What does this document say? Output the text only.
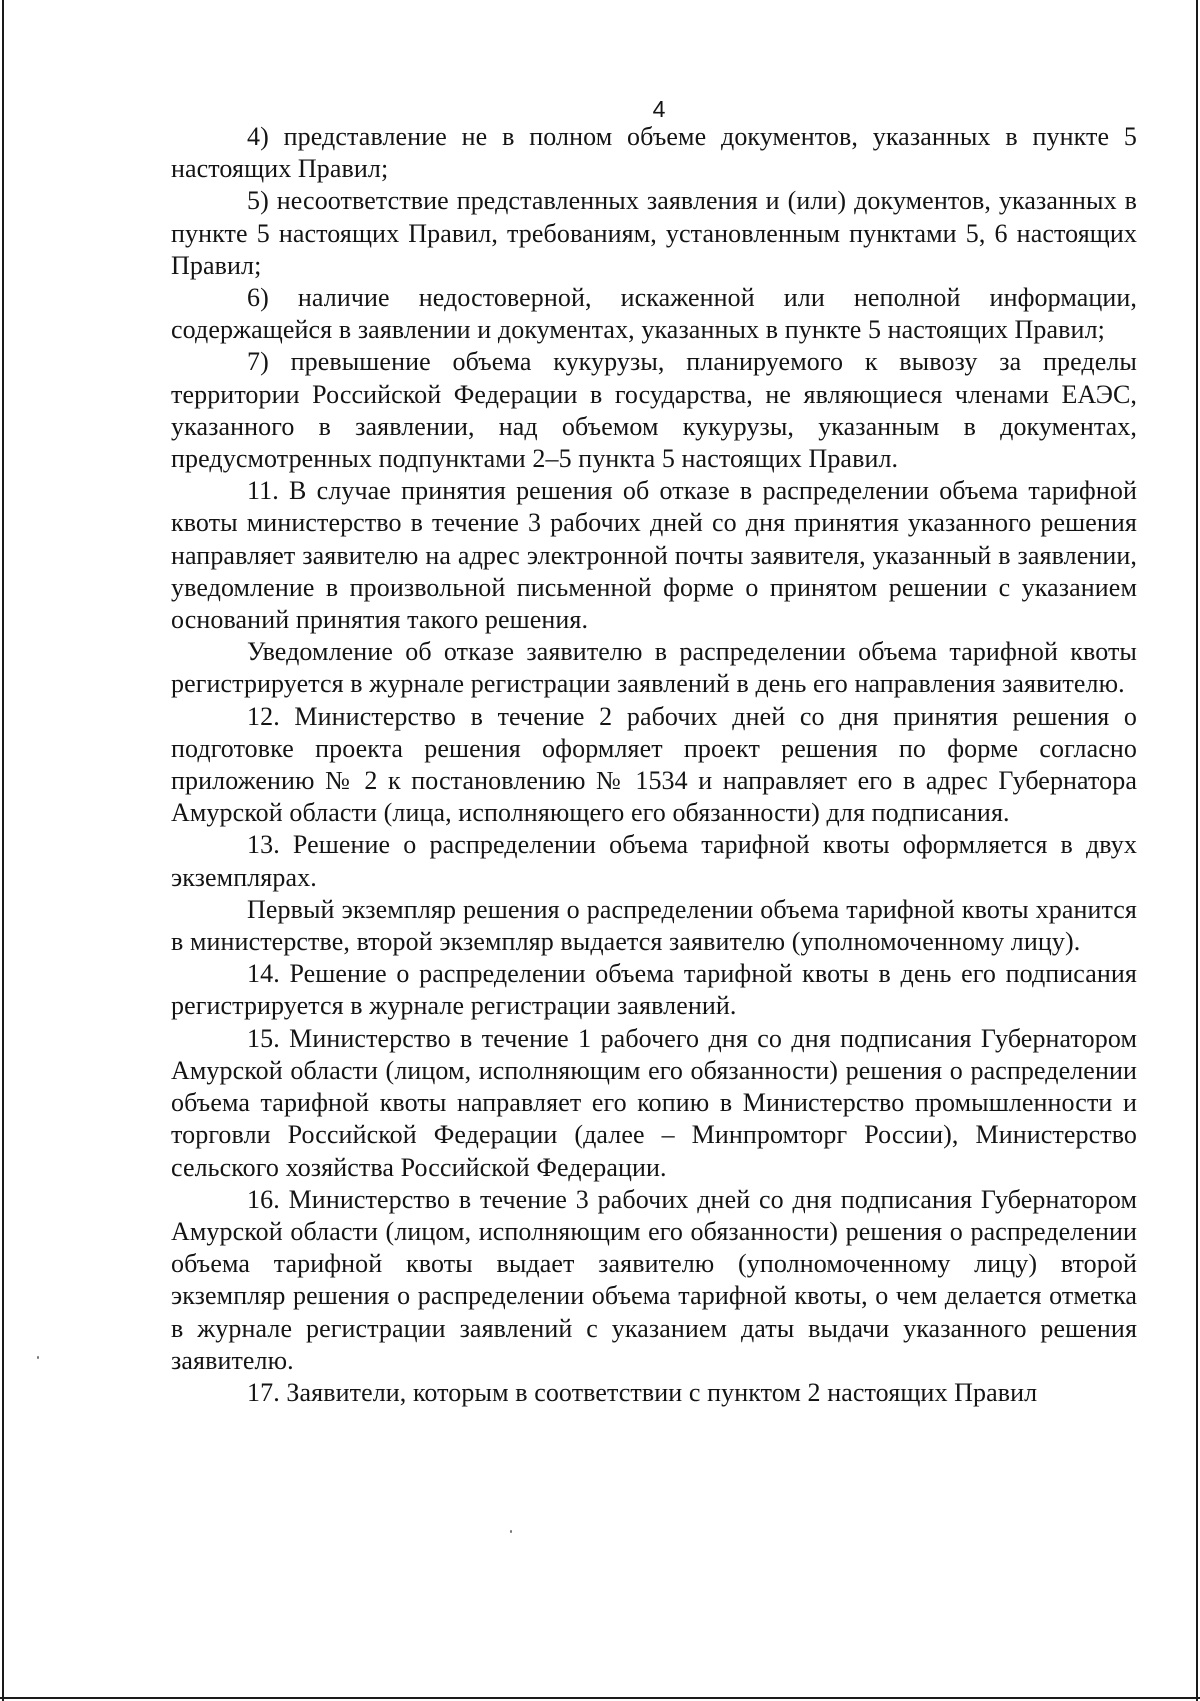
4

4) представление не в полном объеме документов, указанных в пункте 5 настоящих Правил;

5) несоответствие представленных заявления и (или) документов, указанных в пункте 5 настоящих Правил, требованиям, установленным пунктами 5, 6 настоящих Правил;

6) наличие недостоверной, искаженной или неполной информации, содержащейся в заявлении и документах, указанных в пункте 5 настоящих Правил;

7) превышение объема кукурузы, планируемого к вывозу за пределы территории Российской Федерации в государства, не являющиеся членами ЕАЭС, указанного в заявлении, над объемом кукурузы, указанным в документах, предусмотренных подпунктами 2–5 пункта 5 настоящих Правил.

11. В случае принятия решения об отказе в распределении объема тарифной квоты министерство в течение 3 рабочих дней со дня принятия указанного решения направляет заявителю на адрес электронной почты заявителя, указанный в заявлении, уведомление в произвольной письменной форме о принятом решении с указанием оснований принятия такого решения.

Уведомление об отказе заявителю в распределении объема тарифной квоты регистрируется в журнале регистрации заявлений в день его направления заявителю.

12. Министерство в течение 2 рабочих дней со дня принятия решения о подготовке проекта решения оформляет проект решения по форме согласно приложению № 2 к постановлению № 1534 и направляет его в адрес Губернатора Амурской области (лица, исполняющего его обязанности) для подписания.

13. Решение о распределении объема тарифной квоты оформляется в двух экземплярах.

Первый экземпляр решения о распределении объема тарифной квоты хранится в министерстве, второй экземпляр выдается заявителю (уполномоченному лицу).

14. Решение о распределении объема тарифной квоты в день его подписания регистрируется в журнале регистрации заявлений.

15. Министерство в течение 1 рабочего дня со дня подписания Губернатором Амурской области (лицом, исполняющим его обязанности) решения о распределении объема тарифной квоты направляет его копию в Министерство промышленности и торговли Российской Федерации (далее – Минпромторг России), Министерство сельского хозяйства Российской Федерации.

16. Министерство в течение 3 рабочих дней со дня подписания Губернатором Амурской области (лицом, исполняющим его обязанности) решения о распределении объема тарифной квоты выдает заявителю (уполномоченному лицу) второй экземпляр решения о распределении объема тарифной квоты, о чем делается отметка в журнале регистрации заявлений с указанием даты выдачи указанного решения заявителю.

17. Заявители, которым в соответствии с пунктом 2 настоящих Правил
